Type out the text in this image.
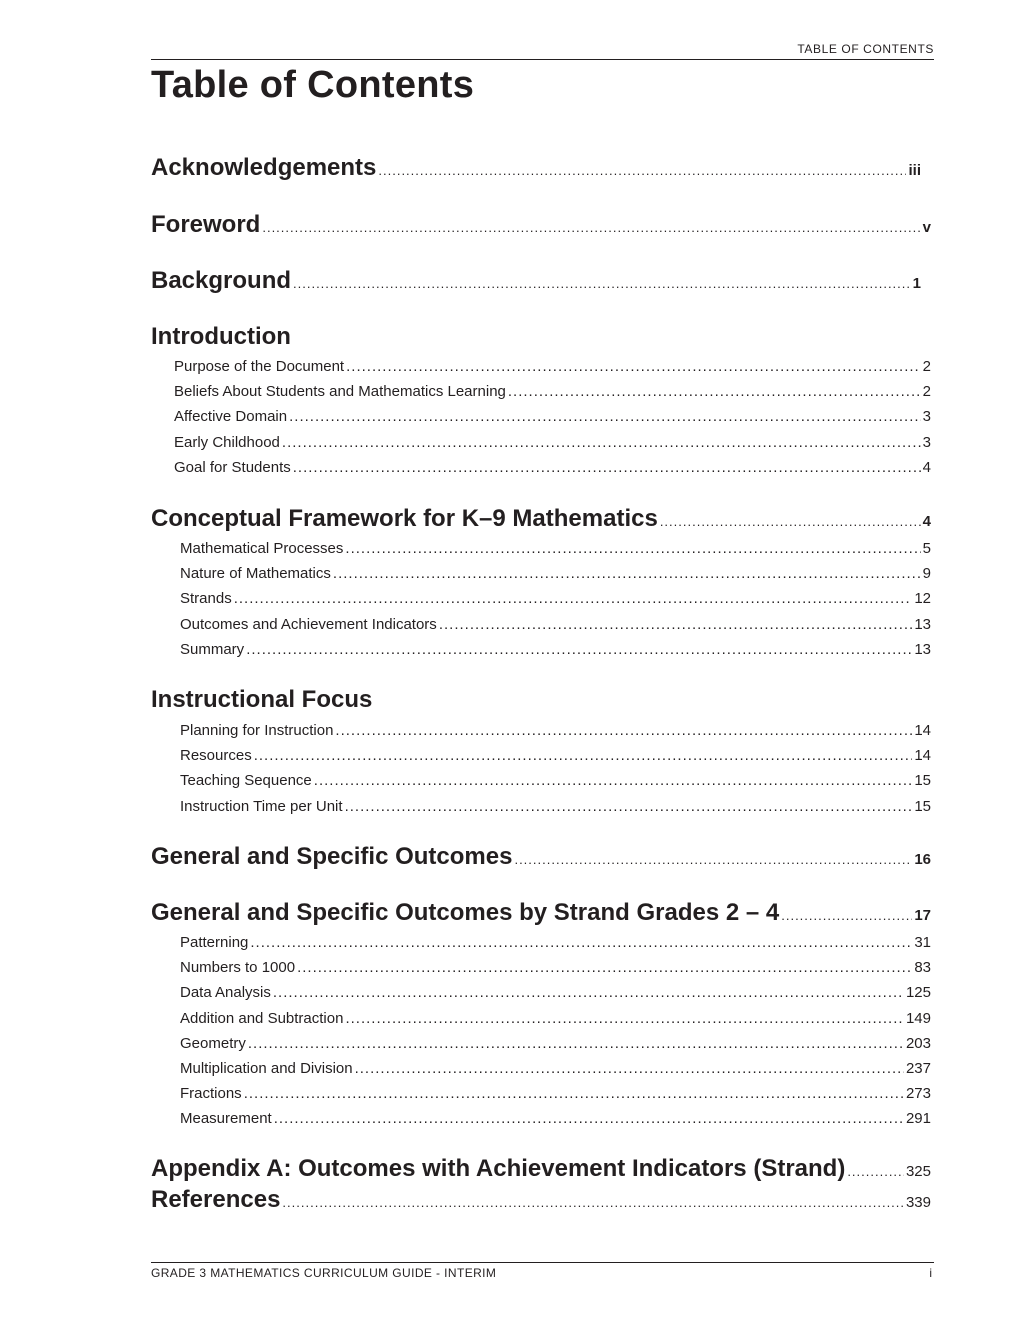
TABLE OF CONTENTS
Table of Contents
Acknowledgements .....	iii
Foreword .....	v
Background .....	1
Introduction
Purpose of the Document .....	2
Beliefs About Students and Mathematics Learning .....	2
Affective Domain .....	3
Early Childhood .....	3
Goal for Students .....	4
Conceptual Framework for K–9 Mathematics .....	4
Mathematical Processes .....	5
Nature of Mathematics .....	9
Strands .....	12
Outcomes and Achievement Indicators .....	13
Summary .....	13
Instructional Focus
Planning for Instruction .....	14
Resources .....	14
Teaching Sequence .....	15
Instruction Time per Unit .....	15
General and Specific Outcomes .....	16
General and Specific Outcomes by Strand Grades 2 – 4 .....	17
Patterning .....	31
Numbers to 1000 .....	83
Data Analysis .....	125
Addition and Subtraction .....	149
Geometry .....	203
Multiplication and Division .....	237
Fractions .....	273
Measurement .....	291
Appendix A: Outcomes with Achievement Indicators (Strand) .....	325
References .....	339
GRADE 3 MATHEMATICS CURRICULUM GUIDE - INTERIM	i
